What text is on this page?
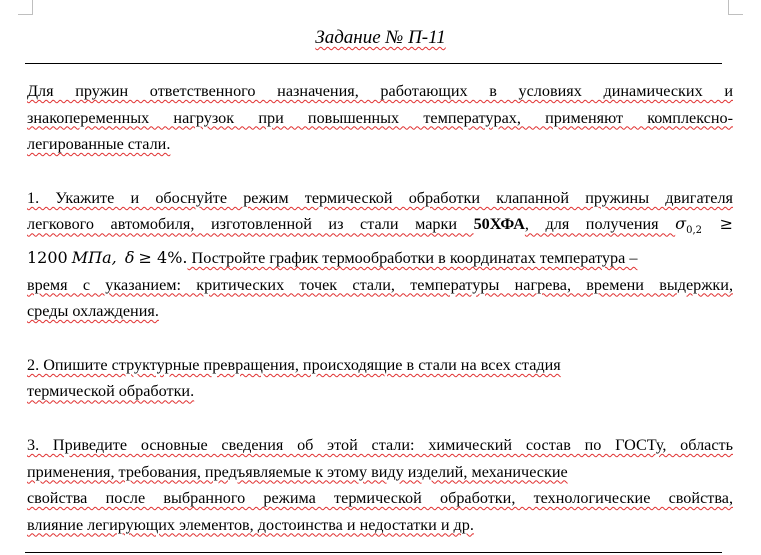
Задание № П-11
Для пружин ответственного назначения, работающих в условиях динамических и
знакопеременных нагрузок при повышенных температурах, применяют комплексно-
легированные стали.
1. Укажите и обоснуйте режим термической обработки клапанной пружины двигателя
легкового автомобиля, изготовленной из стали марки 50ХФА, для получения $\sigma_{0,2}$ ≥
1200 МПа, δ ≥ 4%. Постройте график термообработки в координатах температура –
время с указанием: критических точек стали, температуры нагрева, времени выдержки,
среды охлаждения.
2. Опишите структурные превращения, происходящие в стали на всех стадия
термической обработки.
3. Приведите основные сведения об этой стали: химический состав по ГОСТу, область
применения, требования, предъявляемые к этому виду изделий, механические
свойства после выбранного режима термической обработки, технологические свойства,
влияние легирующих элементов, достоинства и недостатки и др.
